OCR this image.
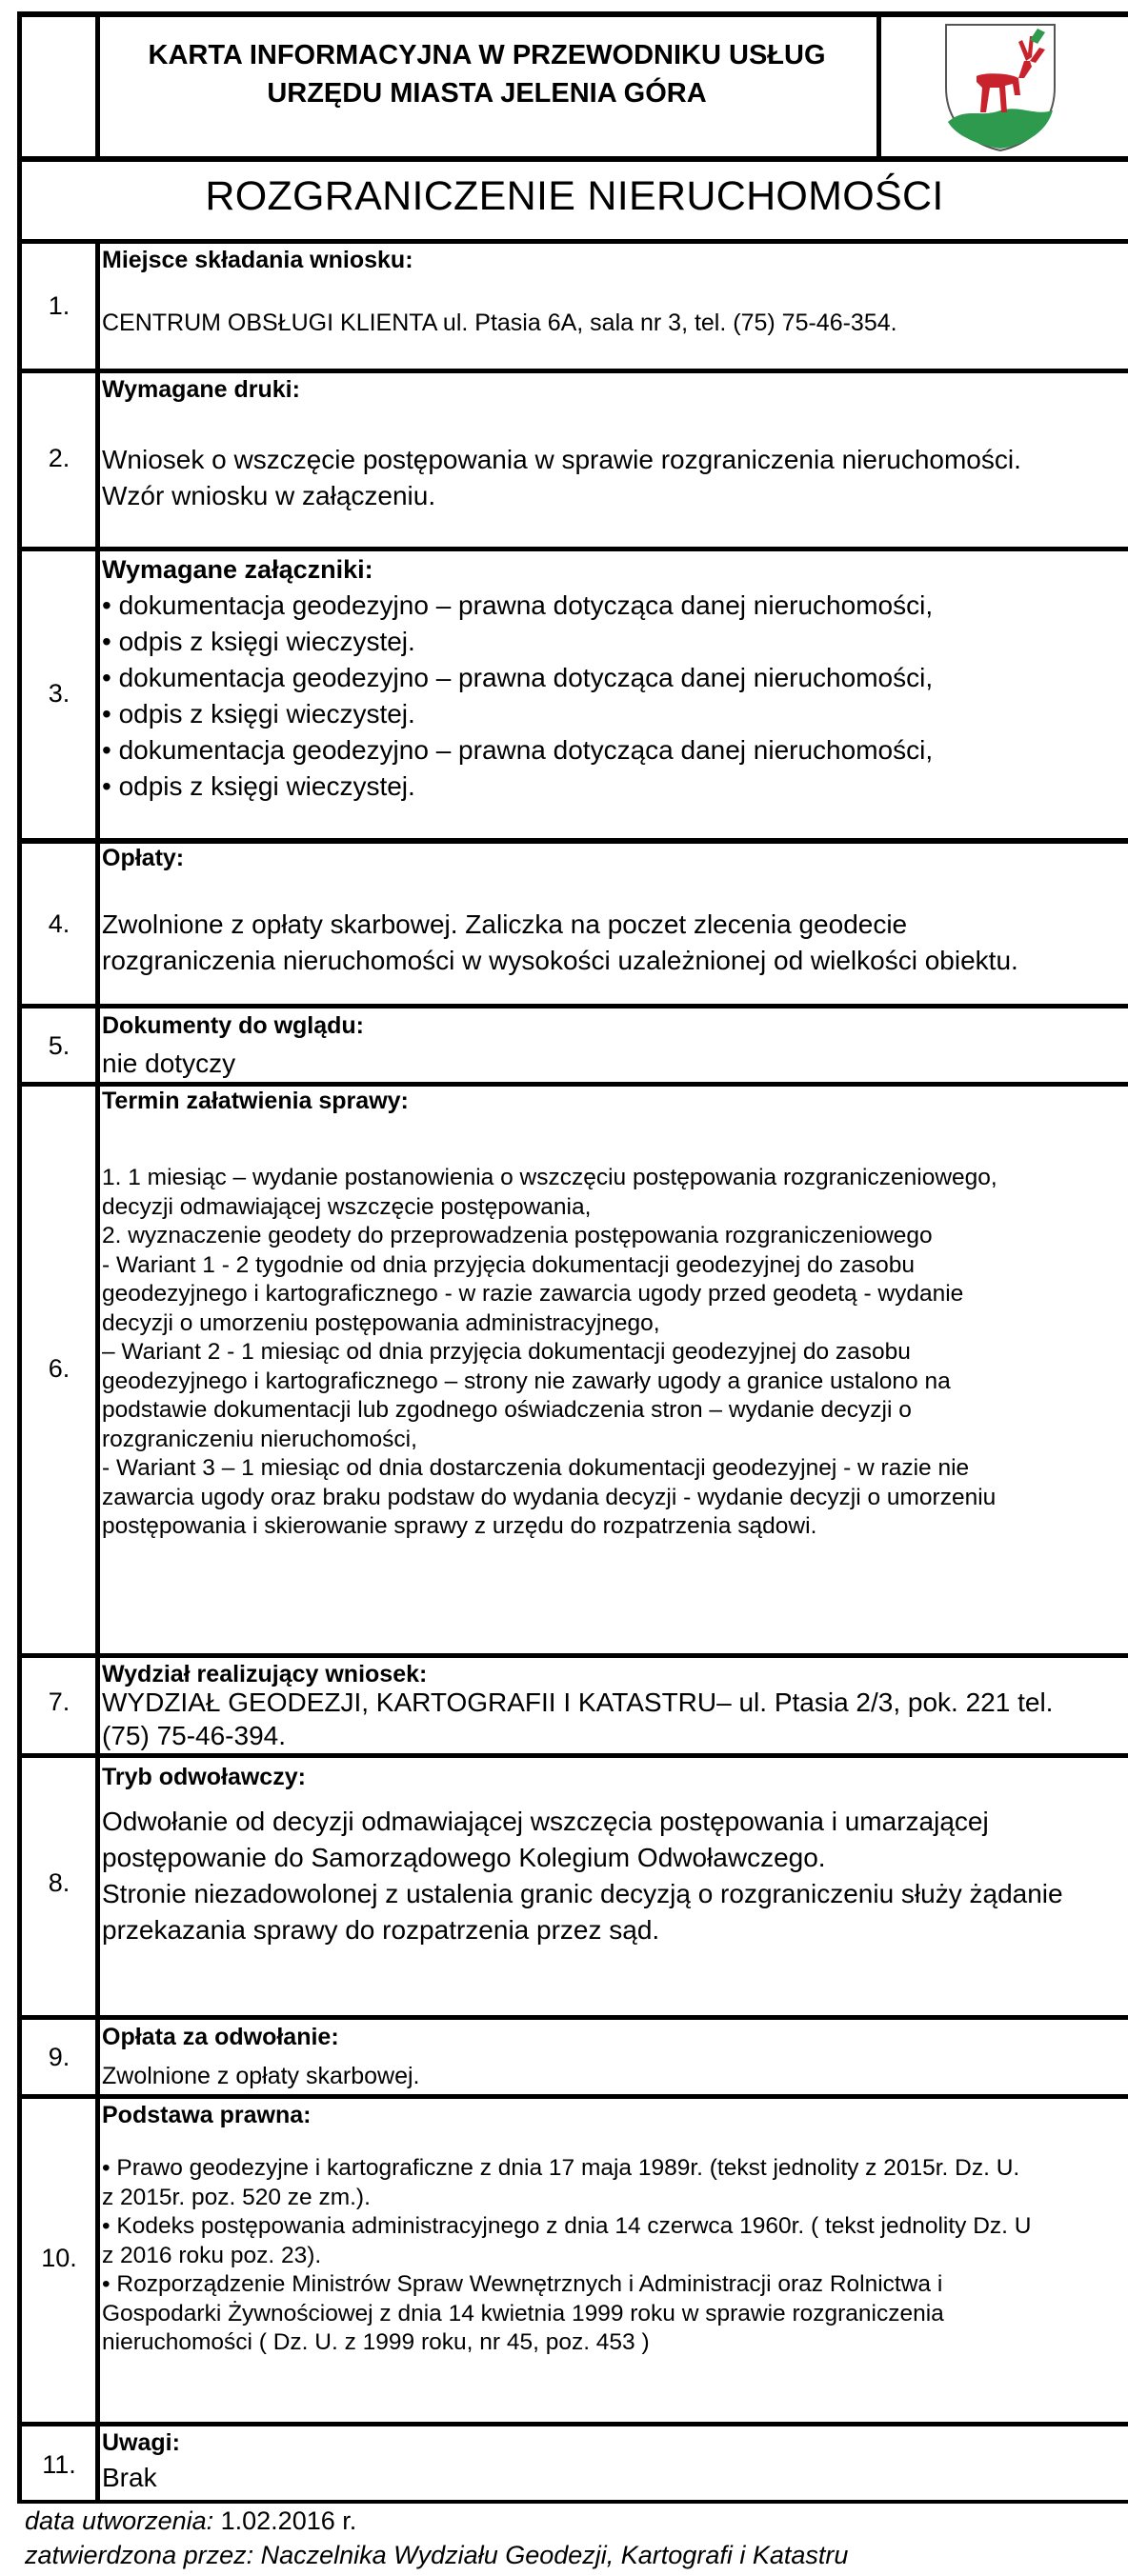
KARTA INFORMACYJNA W PRZEWODNIKU USŁUG
URZĘDU MIASTA JELENIA GÓRA
ROZGRANICZENIE NIERUCHOMOŚCI
1.
Miejsce składania wniosku:
CENTRUM OBSŁUGI KLIENTA ul. Ptasia 6A, sala nr 3, tel. (75) 75-46-354.
2.
Wymagane druki:
Wniosek o wszczęcie postępowania w sprawie rozgraniczenia nieruchomości.
Wzór wniosku w załączeniu.
3.
Wymagane załączniki:
• dokumentacja geodezyjno – prawna dotycząca danej nieruchomości,
• odpis z księgi wieczystej.
• dokumentacja geodezyjno – prawna dotycząca danej nieruchomości,
• odpis z księgi wieczystej.
• dokumentacja geodezyjno – prawna dotycząca danej nieruchomości,
• odpis z księgi wieczystej.
4.
Opłaty:
Zwolnione z opłaty skarbowej. Zaliczka na poczet zlecenia geodecie
rozgraniczenia nieruchomości w wysokości uzależnionej od wielkości obiektu.
5.
Dokumenty do wglądu:
nie dotyczy
6.
Termin załatwienia sprawy:
1. 1 miesiąc – wydanie postanowienia o wszczęciu postępowania rozgraniczeniowego,
decyzji odmawiającej wszczęcie postępowania,
2. wyznaczenie geodety do przeprowadzenia postępowania rozgraniczeniowego
- Wariant 1 - 2 tygodnie od dnia przyjęcia dokumentacji geodezyjnej do zasobu
geodezyjnego i kartograficznego - w razie zawarcia ugody przed geodetą - wydanie
decyzji o umorzeniu postępowania administracyjnego,
– Wariant 2 - 1 miesiąc od dnia przyjęcia dokumentacji geodezyjnej do zasobu
geodezyjnego i kartograficznego – strony nie zawarły ugody a granice ustalono na
podstawie dokumentacji lub zgodnego oświadczenia stron – wydanie decyzji o
rozgraniczeniu nieruchomości,
- Wariant 3 – 1 miesiąc od dnia dostarczenia dokumentacji geodezyjnej - w razie nie
zawarcia ugody oraz braku podstaw do wydania decyzji - wydanie decyzji o umorzeniu
postępowania i skierowanie sprawy z urzędu do rozpatrzenia sądowi.
7.
Wydział realizujący wniosek:
WYDZIAŁ GEODEZJI, KARTOGRAFII I KATASTRU– ul. Ptasia 2/3, pok. 221 tel.
(75) 75-46-394.
8.
Tryb odwoławczy:
Odwołanie od decyzji odmawiającej wszczęcia postępowania i umarzającej
postępowanie do Samorządowego Kolegium Odwoławczego.
Stronie niezadowolonej z ustalenia granic decyzją o rozgraniczeniu służy żądanie
przekazania sprawy do rozpatrzenia przez sąd.
9.
Opłata za odwołanie:
Zwolnione z opłaty skarbowej.
10.
Podstawa prawna:
• Prawo geodezyjne i kartograficzne z dnia 17 maja 1989r. (tekst jednolity z 2015r. Dz. U.
z 2015r. poz. 520 ze zm.).
• Kodeks postępowania administracyjnego z dnia 14 czerwca 1960r. ( tekst jednolity Dz. U
z 2016 roku poz. 23).
• Rozporządzenie Ministrów Spraw Wewnętrznych i Administracji oraz Rolnictwa i
Gospodarki Żywnościowej z dnia 14 kwietnia 1999 roku w sprawie rozgraniczenia
nieruchomości ( Dz. U. z 1999 roku, nr 45, poz. 453 )
11.
Uwagi:
Brak
data utworzenia: 1.02.2016 r.
zatwierdzona przez: Naczelnika Wydziału Geodezji, Kartografi i Katastru
